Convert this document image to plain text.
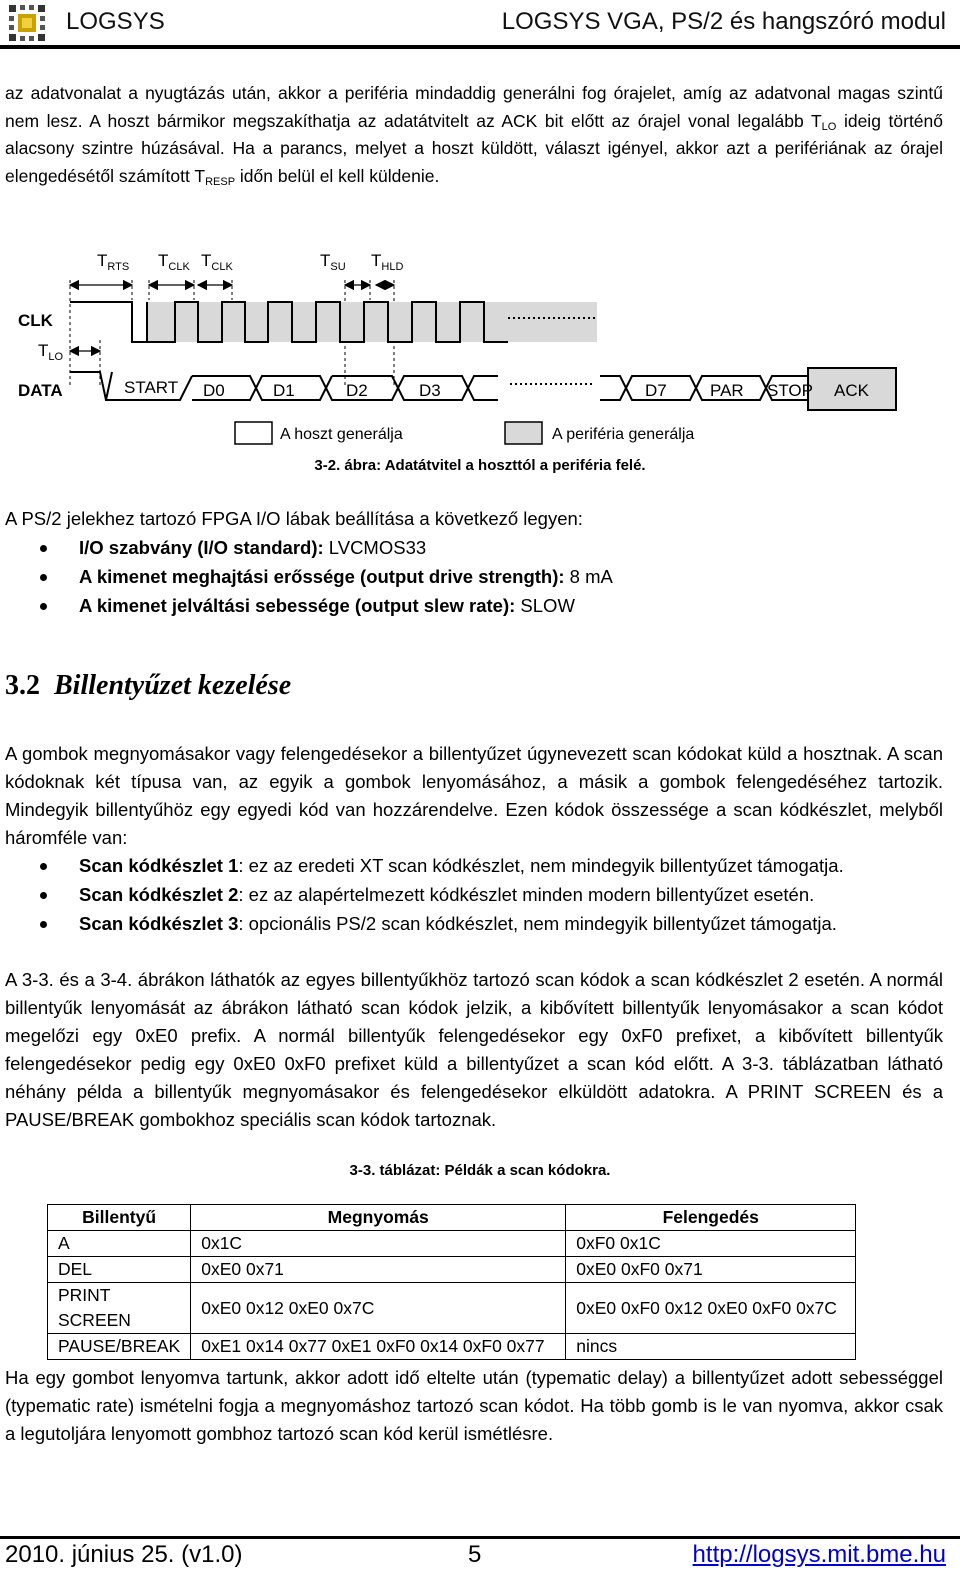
LOGSYS	LOGSYS VGA, PS/2 és hangszóró modul
az adatvonalat a nyugtázás után, akkor a periféria mindaddig generálni fog órajelet, amíg az adatvonal magas szintű nem lesz. A hoszt bármikor megszakíthatja az adatátvitelt az ACK bit előtt az órajel vonal legalább $T_{LO}$ ideig történő alacsony szintre húzásával. Ha a parancs, melyet a hoszt küldött, választ igényel, akkor azt a perifériának az órajel elengedésétől számított $T_{RESP}$ időn belül el kell küldenie.
$T_{RTS}$ $T_{CLK}$ $T_{CLK}$	$T_{SU}$ $T_{HLD}$
CLK
$T_{LO}$
DATA	START D0	D1	D2	D3	D7	PAR STOP ACK
A hoszt generálja	A periféria generálja
3-2. ábra: Adatátvitel a hoszttól a periféria felé.
A PS/2 jelekhez tartozó FPGA I/O lábak beállítása a következő legyen:
I/O szabvány (I/O standard): LVCMOS33
A kimenet meghajtási erőssége (output drive strength): 8 mA
A kimenet jelváltási sebessége (output slew rate): SLOW
3.2 Billentyűzet kezelése
A gombok megnyomásakor vagy felengedésekor a billentyűzet úgynevezett scan kódokat küld a hosztnak. A scan kódoknak két típusa van, az egyik a gombok lenyomásához, a másik a gombok felengedéséhez tartozik. Mindegyik billentyűhöz egy egyedi kód van hozzárendelve. Ezen kódok összessége a scan kódkészlet, melyből háromféle van:
Scan kódkészlet 1: ez az eredeti XT scan kódkészlet, nem mindegyik billentyűzet támogatja.
Scan kódkészlet 2: ez az alapértelmezett kódkészlet minden modern billentyűzet esetén.
Scan kódkészlet 3: opcionális PS/2 scan kódkészlet, nem mindegyik billentyűzet támogatja.
A 3-3. és a 3-4. ábrákon láthatók az egyes billentyűkhöz tartozó scan kódok a scan kódkészlet 2 esetén. A normál billentyűk lenyomását az ábrákon látható scan kódok jelzik, a kibővített billentyűk lenyomásakor a scan kódot megelőzi egy 0xE0 prefix. A normál billentyűk felengedésekor egy 0xF0 prefixet, a kibővített billentyűk felengedésekor pedig egy 0xE0 0xF0 prefixet küld a billentyűzet a scan kód előtt. A 3-3. táblázatban látható néhány példa a billentyűk megnyomásakor és felengedésekor elküldött adatokra. A PRINT SCREEN és a PAUSE/BREAK gombokhoz speciális scan kódok tartoznak.
3-3. táblázat: Példák a scan kódokra.
Billentyű	Megnyomás	Felengedés
A	0x1C	0xF0 0x1C
DEL	0xE0 0x71	0xE0 0xF0 0x71
PRINT SCREEN	0xE0 0x12 0xE0 0x7C	0xE0 0xF0 0x12 0xE0 0xF0 0x7C
PAUSE/BREAK	0xE1 0x14 0x77 0xE1 0xF0 0x14 0xF0 0x77	nincs
Ha egy gombot lenyomva tartunk, akkor adott idő eltelte után (typematic delay) a billentyűzet adott sebességgel (typematic rate) ismételni fogja a megnyomáshoz tartozó scan kódot. Ha több gomb is le van nyomva, akkor csak a legutoljára lenyomott gombhoz tartozó scan kód kerül ismétlésre.
2010. június 25. (v1.0)	5	http://logsys.mit.bme.hu
